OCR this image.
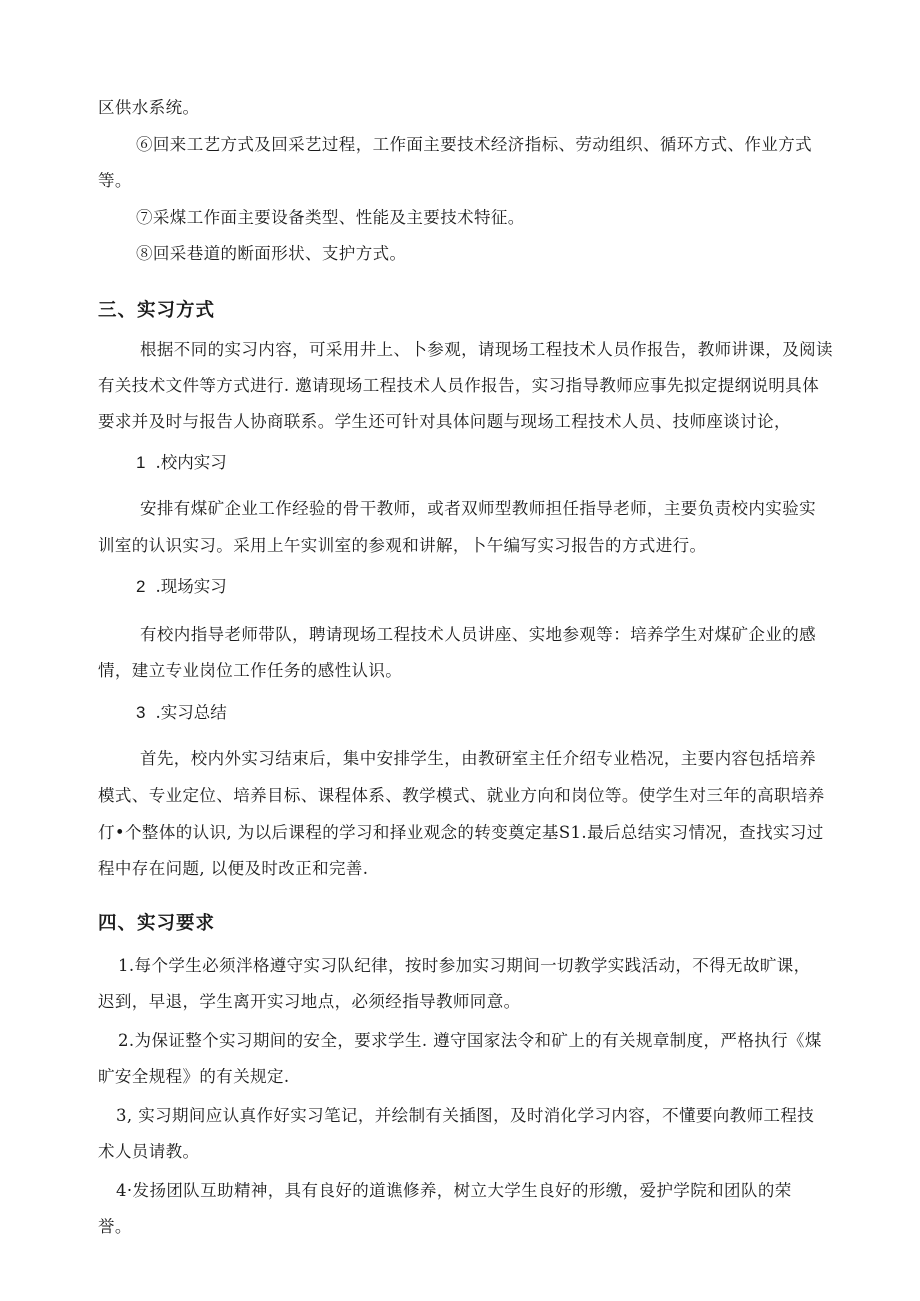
区供水系统。
⑥回来工艺方式及回采艺过程，工作面主要技术经济指标、劳动组织、循环方式、作业方式
等。
⑦采煤工作面主要设备类型、性能及主要技术特征。
⑧回采巷道的断面形状、支护方式。
三、实习方式
根据不同的实习内容，可采用井上、卜参观，请现场工程技术人员作报告，教师讲课，及阅读
有关技术文件等方式进行. 邀请现场工程技术人员作报告，实习指导教师应事先拟定提纲说明具体
要求并及时与报告人协商联系。学生还可针对具体问题与现场工程技术人员、技师座谈讨论，
1 .校内实习
安排有煤矿企业工作经验的骨干教师，或者双师型教师担任指导老师，主要负责校内实验实
训室的认识实习。采用上午实训室的参观和讲解，卜午编写实习报告的方式进行。
2 .现场实习
有校内指导老师带队，聘请现场工程技术人员讲座、实地参观等：培养学生对煤矿企业的感
情，建立专业岗位工作任务的感性认识。
3 .实习总结
首先，校内外实习结束后，集中安排学生，由教研室主任介绍专业梏况，主要内容包括培养
模式、专业定位、培养目标、课程体系、教学模式、就业方向和岗位等。使学生对三年的高职培养
仃•个整体的认识, 为以后课程的学习和择业观念的转变奠定基S1.最后总结实习情况，查找实习过
程中存在问题, 以便及时改正和完善.
四、实习要求
1.每个学生必须泮格遵守实习队纪律，按时参加实习期间一切教学实践活动，不得无故旷课，
迟到，早退，学生离开实习地点，必须经指导教师同意。
2.为保证整个实习期间的安全，要求学生. 遵守国家法令和矿上的有关规章制度，严格执行《煤
旷安全规程》的有关规定.
3, 实习期间应认真作好实习笔记，并绘制有关插图，及时消化学习内容，不懂要向教师工程技
术人员请教。
4·发扬团队互助精神，具有良好的道谯修养，树立大学生良好的形缴，爱护学院和团队的荣
誉。
